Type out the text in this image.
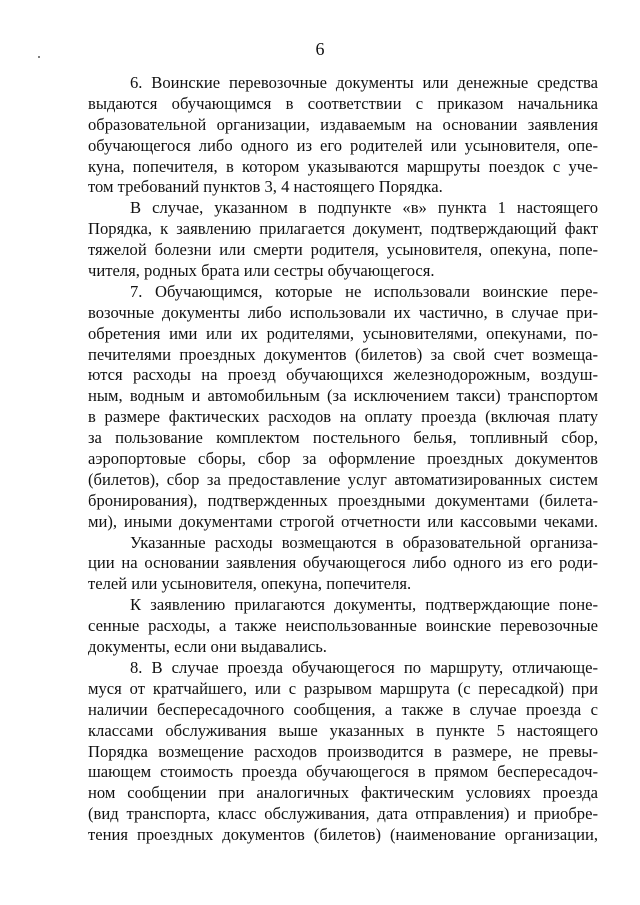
6
6. Воинские перевозочные документы или денежные средства
выдаются обучающимся в соответствии с приказом начальника
образовательной организации, издаваемым на основании заявления
обучающегося либо одного из его родителей или усыновителя, опе-
куна, попечителя, в котором указываются маршруты поездок с уче-
том требований пунктов 3, 4 настоящего Порядка.
В случае, указанном в подпункте «в» пункта 1 настоящего
Порядка, к заявлению прилагается документ, подтверждающий факт
тяжелой болезни или смерти родителя, усыновителя, опекуна, попе-
чителя, родных брата или сестры обучающегося.
7. Обучающимся, которые не использовали воинские пере-
возочные документы либо использовали их частично, в случае при-
обретения ими или их родителями, усыновителями, опекунами, по-
печителями проездных документов (билетов) за свой счет возмеща-
ются расходы на проезд обучающихся железнодорожным, воздуш-
ным, водным и автомобильным (за исключением такси) транспортом
в размере фактических расходов на оплату проезда (включая плату
за пользование комплектом постельного белья, топливный сбор,
аэропортовые сборы, сбор за оформление проездных документов
(билетов), сбор за предоставление услуг автоматизированных систем
бронирования), подтвержденных проездными документами (билета-
ми), иными документами строгой отчетности или кассовыми чеками.
Указанные расходы возмещаются в образовательной организа-
ции на основании заявления обучающегося либо одного из его роди-
телей или усыновителя, опекуна, попечителя.
К заявлению прилагаются документы, подтверждающие поне-
сенные расходы, а также неиспользованные воинские перевозочные
документы, если они выдавались.
8. В случае проезда обучающегося по маршруту, отличающе-
муся от кратчайшего, или с разрывом маршрута (с пересадкой) при
наличии беспересадочного сообщения, а также в случае проезда с
классами обслуживания выше указанных в пункте 5 настоящего
Порядка возмещение расходов производится в размере, не превы-
шающем стоимость проезда обучающегося в прямом беспересадоч-
ном сообщении при аналогичных фактическим условиях проезда
(вид транспорта, класс обслуживания, дата отправления) и приобре-
тения проездных документов (билетов) (наименование организации,
